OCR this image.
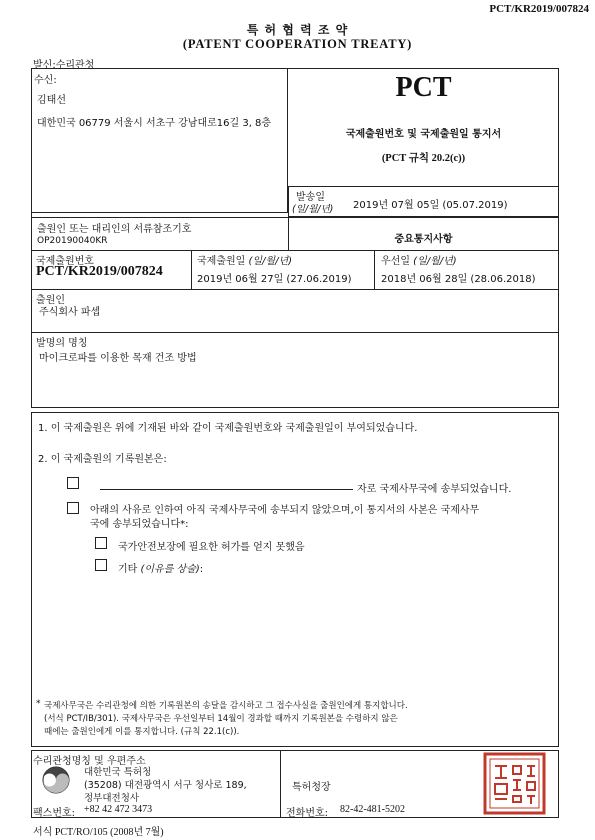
PCT/KR2019/007824
특 허 협 력 조 약
(PATENT COOPERATION TREATY)
발신:수리관청
수신:
김태선
대한민국 06779 서울시 서초구 강남대로16길 3, 8층
PCT
국제출원번호 및 국제출원일 통지서
(PCT 규칙 20.2(c))
발송일
(일/월/년) 2019년 07월 05일 (05.07.2019)
출원인 또는 대리인의 서류참조기호
OP20190040KR	중요통지사항
국제출원번호
PCT/KR2019/007824
국제출원일 (일/월/년)
2019년 06월 27일 (27.06.2019)
우선일 (일/월/년)
2018년 06월 28일 (28.06.2018)
출원인
주식회사 파셉
발명의 명칭
마이크로파를 이용한 목재 건조 방법
1. 이 국제출원은 위에 기재된 바와 같이 국제출원번호와 국제출원일이 부여되었습니다.
2. 이 국제출원의 기록원본은:
자로 국제사무국에 송부되었습니다.
아래의 사유로 인하여 아직 국제사무국에 송부되지 않았으며,이 통지서의 사본은 국제사무
국에 송부되었습니다*:
국가안전보장에 필요한 허가를 얻지 못했음
기타 (이유를 상술):
* 국제사무국은 수리관청에 의한 기록원본의 송달을 감시하고 그 접수사실을 출원인에게 통지합니다.
(서식 PCT/IB/301). 국제사무국은 우선일부터 14월이 경과할 때까지 기록원본을 수령하지 않은
때에는 출원인에게 이를 통지합니다. (규칙 22.1(c)).
수리관청명칭 및 우편주소
대한민국 특허청
(35208) 대전광역시 서구 청사로 189,
정부대전청사
팩스번호: +82 42 472 3473
특허청장
전화번호: 82-42-481-5202
서식 PCT/RO/105 (2008년 7월)
